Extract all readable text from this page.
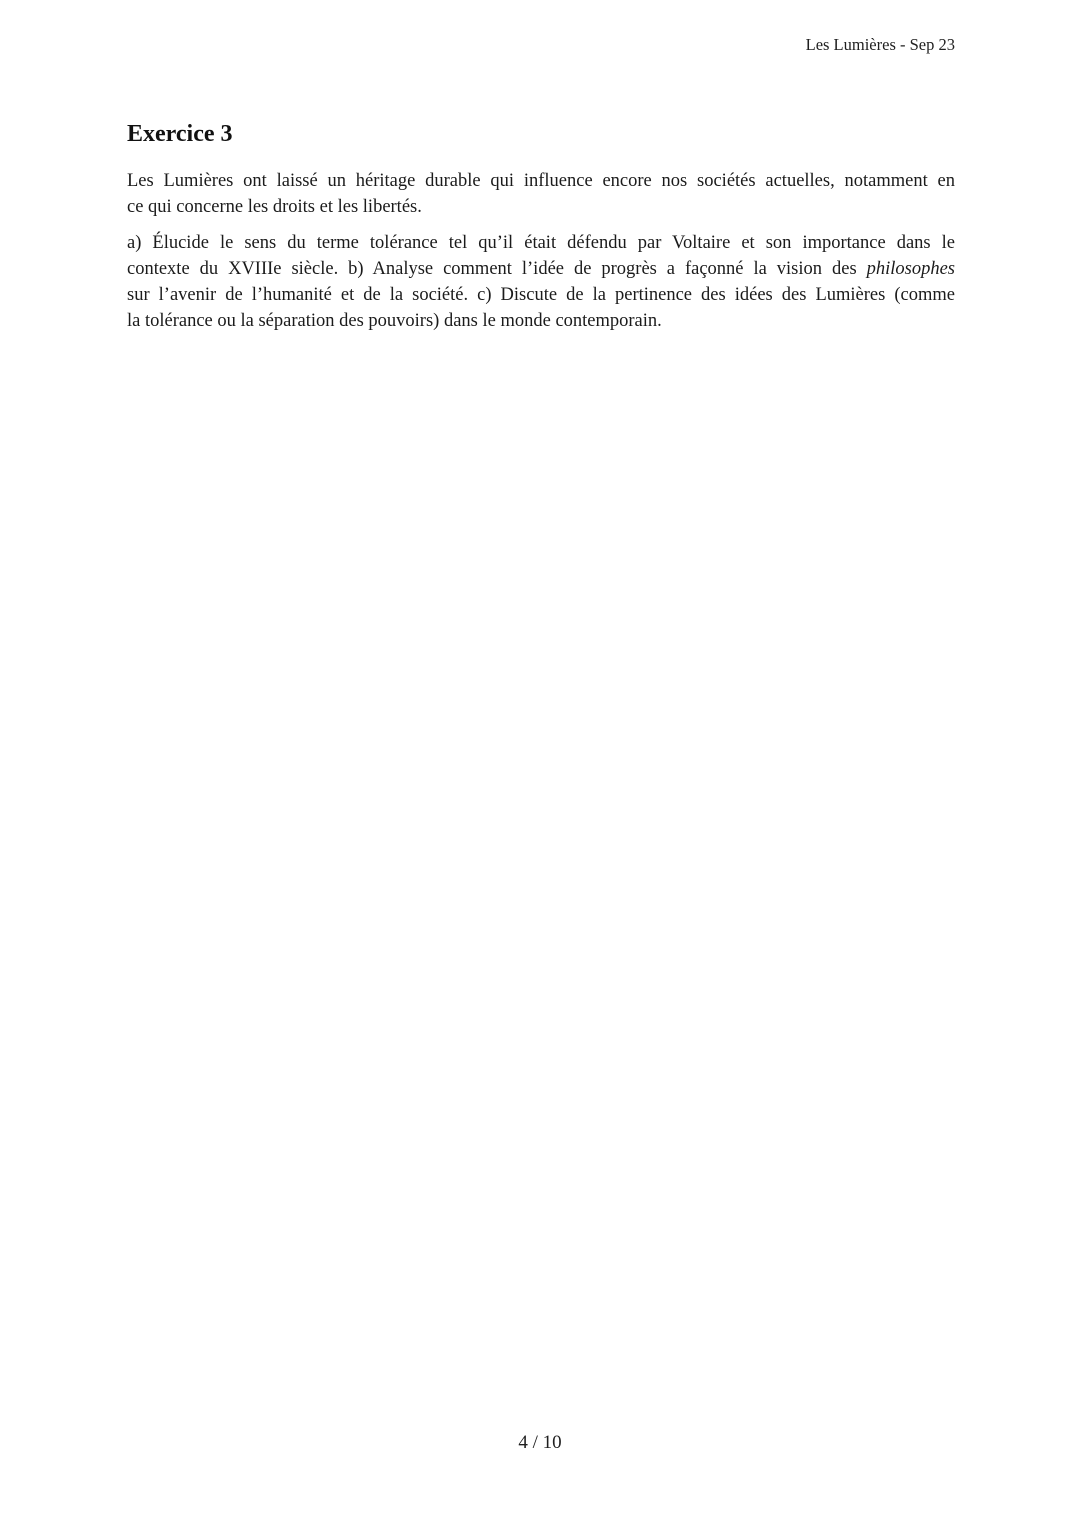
Les Lumières - Sep 23
Exercice 3
Les Lumières ont laissé un héritage durable qui influence encore nos sociétés actuelles, notamment en
ce qui concerne les droits et les libertés.
a) Élucide le sens du terme tolérance tel qu’il était défendu par Voltaire et son importance dans le
contexte du XVIIIe siècle. b) Analyse comment l’idée de progrès a façonné la vision des philosophes
sur l’avenir de l’humanité et de la société. c) Discute de la pertinence des idées des Lumières (comme
la tolérance ou la séparation des pouvoirs) dans le monde contemporain.
4 / 10
